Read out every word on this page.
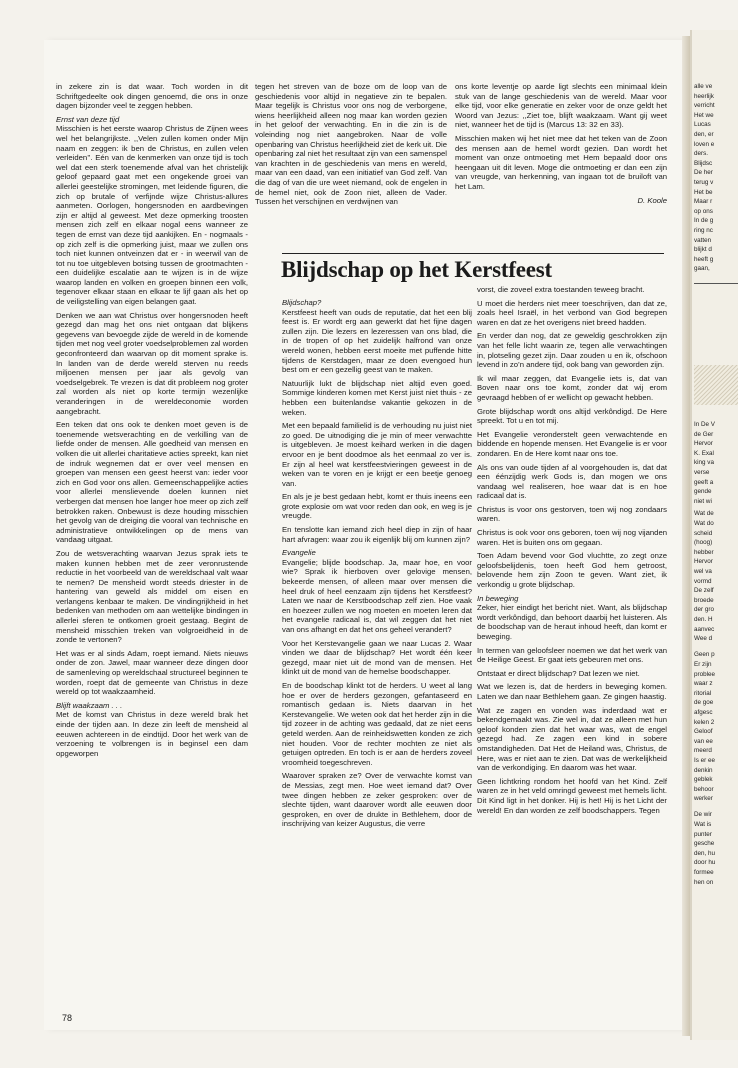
in zekere zin is dat waar. Toch worden in dit Schriftgedeelte ook dingen genoemd, die ons in onze dagen bijzonder veel te zeggen hebben.

Ernst van deze tijd

Misschien is het eerste waarop Christus de Zijnen wees wel het belangrijkste. ,,Velen zullen komen onder Mijn naam en zeggen: ik ben de Christus, en zullen velen verleiden’’. Eén van de kenmerken van onze tijd is toch wel dat een sterk toenemende afval van het christelijk geloof gepaard gaat met een ongekende groei van allerlei geestelijke stromingen, met leidende figuren, die zich op brutale of verfijnde wijze Christus-allures aanmeten. Oorlogen, hongersnoden en aardbevingen zijn er altijd al geweest. Met deze opmerking troosten mensen zich zelf en elkaar nogal eens wanneer ze tegen de ernst van deze tijd aankijken. En - nogmaals - op zich zelf is die opmerking juist, maar we zullen ons toch niet kunnen ontveinzen dat er - in weerwil van de tot nu toe uitgebleven botsing tussen de grootmachten - een duidelijke escalatie aan te wijzen is in de wijze waarop landen en volken en groepen binnen een volk, tegenover elkaar staan en elkaar te lijf gaan als het op de veiligstelling van eigen belangen gaat.

Denken we aan wat Christus over hongersnoden heeft gezegd dan mag het ons niet ontgaan dat blijkens gegevens van bevoegde zijde de wereld in de komende tijden met nog veel groter voedselproblemen zal worden geconfronteerd dan waarvan op dit moment sprake is. In landen van de derde wereld sterven nu reeds miljoenen mensen per jaar als gevolg van voedselgebrek. Te vrezen is dat dit probleem nog groter zal worden als niet op korte termijn wezenlijke veranderingen in de wereldeconomie worden aangebracht.

Een teken dat ons ook te denken moet geven is de toenemende wetsverachting en de verkilling van de liefde onder de mensen. Alle goedheid van mensen en volken die uit allerlei charitatieve acties spreekt, kan niet de indruk wegnemen dat er over veel mensen en groepen van mensen een geest heerst van: ieder voor zich en God voor ons allen. Gemeenschappelijke acties voor allerlei menslievende doelen kunnen niet verbergen dat mensen hoe langer hoe meer op zich zelf betrokken raken. Onbewust is deze houding misschien het gevolg van de dreiging die vooral van technische en administratieve ontwikkelingen op de mens van vandaag uitgaat.

Zou de wetsverachting waarvan Jezus sprak iets te maken kunnen hebben met de zeer veronrustende reductie in het voorbeeld van de wereldschaal valt waar te nemen? De mensheid wordt steeds driester in de hantering van geweld als middel om eisen en verlangens kenbaar te maken. De vindingrijkheid in het bedenken van methoden om aan wettelijke bindingen in allerlei sferen te ontkomen groeit gestaag. Begint de mensheid misschien treken van volgroeidheid in de zonde te vertonen?

Het was er al sinds Adam, roept iemand. Niets nieuws onder de zon. Jawel, maar wanneer deze dingen door de samenleving op wereldschaal structureel beginnen te worden, roept dat de gemeente van Christus in deze wereld op tot waakzaamheid.

Blijft waakzaam . . .

Met de komst van Christus in deze wereld brak het einde der tijden aan. In deze zin leeft de mensheid al eeuwen achtereen in de eindtijd. Door het werk van de verzoening te volbrengen is in beginsel een dam opgeworpen

tegen het streven van de boze om de loop van de geschiedenis voor altijd in negatieve zin te bepalen. Maar tegelijk is Christus voor ons nog de verborgene, wiens heerlijkheid alleen nog maar kan worden gezien in het geloof der verwachting. En in die zin is de voleinding nog niet aangebroken. Naar de volle openbaring van Christus heerlijkheid ziet de kerk uit. Die openbaring zal niet het resultaat zijn van een samenspel van krachten in de geschiedenis van mens en wereld, maar van een daad, van een initiatief van God zelf. Van die dag of van die ure weet niemand, ook de engelen in de hemel niet, ook de Zoon niet, alleen de Vader. Tussen het verschijnen en verdwijnen van

ons korte leventje op aarde ligt slechts een minimaal klein stuk van de lange geschiedenis van de wereld. Maar voor elke tijd, voor elke generatie en zeker voor de onze geldt het Woord van Jezus: ,,Ziet toe, blijft waakzaam. Want gij weet niet, wanneer het de tijd is (Marcus 13: 32 en 33).

Misschien maken wij het niet mee dat het teken van de Zoon des mensen aan de hemel wordt gezien. Dan wordt het moment van onze ontmoeting met Hem bepaald door ons heengaan uit dit leven. Moge die ontmoeting er dan een zijn van vreugde, van herkenning, van ingaan tot de bruiloft van het Lam.

D. Koole

Blijdschap op het Kerstfeest
Blijdschap?

Kerstfeest heeft van ouds de reputatie, dat het een blij feest is. Er wordt erg aan gewerkt dat het fijne dagen zullen zijn. Die lezers en lezeressen van ons blad, die in de tropen of op het zuidelijk halfrond van onze wereld wonen, hebben eerst moeite met puffende hitte tijdens de Kerstdagen, maar ze doen evengoed hun best om er een gezellig geest van te maken.

Natuurlijk lukt de blijdschap niet altijd even goed. Sommige kinderen komen met Kerst juist niet thuis - ze hebben een buitenlandse vakantie gekozen in de weken.

Met een bepaald familielid is de verhouding nu juist niet zo goed. De uitnodiging die je min of meer verwachtte is uitgebleven. Je moest keihard werken in die dagen ervoor en je bent doodmoe als het eenmaal zo ver is. Er zijn al heel wat kerstfeestvieringen geweest in de weken van te voren en je krijgt er een beetje genoeg van.

En als je je best gedaan hebt, komt er thuis ineens een grote explosie om wat voor reden dan ook, en weg is je vreugde.

En tenslotte kan iemand zich heel diep in zijn of haar hart afvragen: waar zou ik eigenlijk blij om kunnen zijn?

Evangelie

Evangelie; blijde boodschap. Ja, maar hoe, en voor wie? Sprak ik hierboven over gelovige mensen, bekeerde mensen, of alleen maar over mensen die heel druk of heel eenzaam zijn tijdens het Kerstfeest? Laten we naar de Kerstboodschap zelf zien. Hoe vaak en hoezeer zullen we nog moeten en moeten leren dat het evangelie radicaal is, dat wil zeggen dat het niet van ons afhangt en dat het ons geheel verandert?

Voor het Kerstevangelie gaan we naar Lucas 2. Waar vinden we daar de blijdschap? Het wordt één keer gezegd, maar niet uit de mond van de mensen. Het klinkt uit de mond van de hemelse boodschapper.

En de boodschap klinkt tot de herders. U weet al lang hoe er over de herders gezongen, gefantaseerd en romantisch gedaan is. Niets daarvan in het Kerstevangelie. We weten ook dat het herder zijn in die tijd zozeer in de achting was gedaald, dat ze niet eens geteld werden. Aan de reinheidswetten konden ze zich niet houden. Voor de rechter mochten ze niet als getuigen optreden. En toch is er aan de herders zoveel vroomheid toegeschreven.

Waarover spraken ze? Over de verwachte komst van de Messias, zegt men. Hoe weet iemand dat? Over twee dingen hebben ze zeker gesproken: over de slechte tijden, want daarover wordt alle eeuwen door gesproken, en over de drukte in Bethlehem, door de inschrijving van keizer Augustus, die verre

vorst, die zoveel extra toestanden teweeg bracht.

U moet die herders niet meer toeschrijven, dan dat ze, zoals heel Israël, in het verbond van God begrepen waren en dat ze het overigens niet breed hadden.

En verder dan nog, dat ze geweldig geschrokken zijn van het felle licht waarin ze, tegen alle verwachtingen in, plotseling gezet zijn. Daar zouden u en ik, ofschoon levend in zo’n andere tijd, ook bang van geworden zijn.

Ik wil maar zeggen, dat Evangelie iets is, dat van Boven naar ons toe komt, zonder dat wij erom gevraagd hebben of er wellicht op gewacht hebben.

Grote blijdschap wordt ons altijd verkôndigd. De Here spreekt. Tot u en tot mij.

Het Evangelie veronderstelt geen verwachtende en biddende en hopende mensen. Het Evangelie is er voor zondaren. En de Here komt naar ons toe.

Als ons van oude tijden af al voorgehouden is, dat dat een éénzijdig werk Gods is, dan mogen we ons vandaag wel realiseren, hoe waar dat is en hoe radicaal dat is.

Christus is voor ons gestorven, toen wij nog zondaars waren.

Christus is ook voor ons geboren, toen wij nog vijanden waren. Het is buiten ons om gegaan.

Toen Adam bevend voor God vluchtte, zo zegt onze geloofsbelijdenis, toen heeft God hem getroost, belovende hem zijn Zoon te geven. Want ziet, ik verkondig u grote blijdschap.

In beweging

Zeker, hier eindigt het bericht niet. Want, als blijdschap wordt verkôndigd, dan behoort daarbij het luisteren. Als de boodschap van de heraut inhoud heeft, dan komt er beweging.

In termen van geloofsleer noemen we dat het werk van de Heilige Geest. Er gaat iets gebeuren met ons.

Ontstaat er direct blijdschap? Dat lezen we niet.

Wat we lezen is, dat de herders in beweging komen. Laten we dan naar Bethlehem gaan. Ze gingen haastig.

Wat ze zagen en vonden was inderdaad wat er bekendgemaakt was. Zie wel in, dat ze alleen met hun geloof konden zien dat het waar was, wat de engel gezegd had. Ze zagen een kind in sobere omstandigheden. Dat Het de Heiland was, Christus, de Here, was er niet aan te zien. Dat was de werkelijkheid van de verkondiging. En daarom was het waar.

Geen lichtkring rondom het hoofd van het Kind. Zelf waren ze in het veld omringd geweest met hemels licht. Dit Kind ligt in het donker. Hij is het! Hij is het Licht der wereld! En dan worden ze zelf boodschappers. Tegen

78
alle ve
heerlijk
verricht
Het we
Lucas
den, er
loven e
ders.
Blijdsc
De her
terug v
Het be
Maar r
op ons
In de g
ring nc
vatten
blijkt d
heeft g
gaan,
In De V
de Ger
Hervor
K. Exal
king va
verse
geeft a
gende
niet wi
Wat de
Wat do
scheid
(hoog)
hebber
Hervor
wel va
vormd
De zelf
broede
der gro
den. H
aanvec
Wee d
Geen p
Er zijn
problee
waar z
ritorial
de goe
afgesc
kelen 2
Geloof
van ee
meerd
Is er ee
denkin
geblek
behoor
werker
De wir
Wat is
punter
gesche
den, hu
door hu
formee
hen on
